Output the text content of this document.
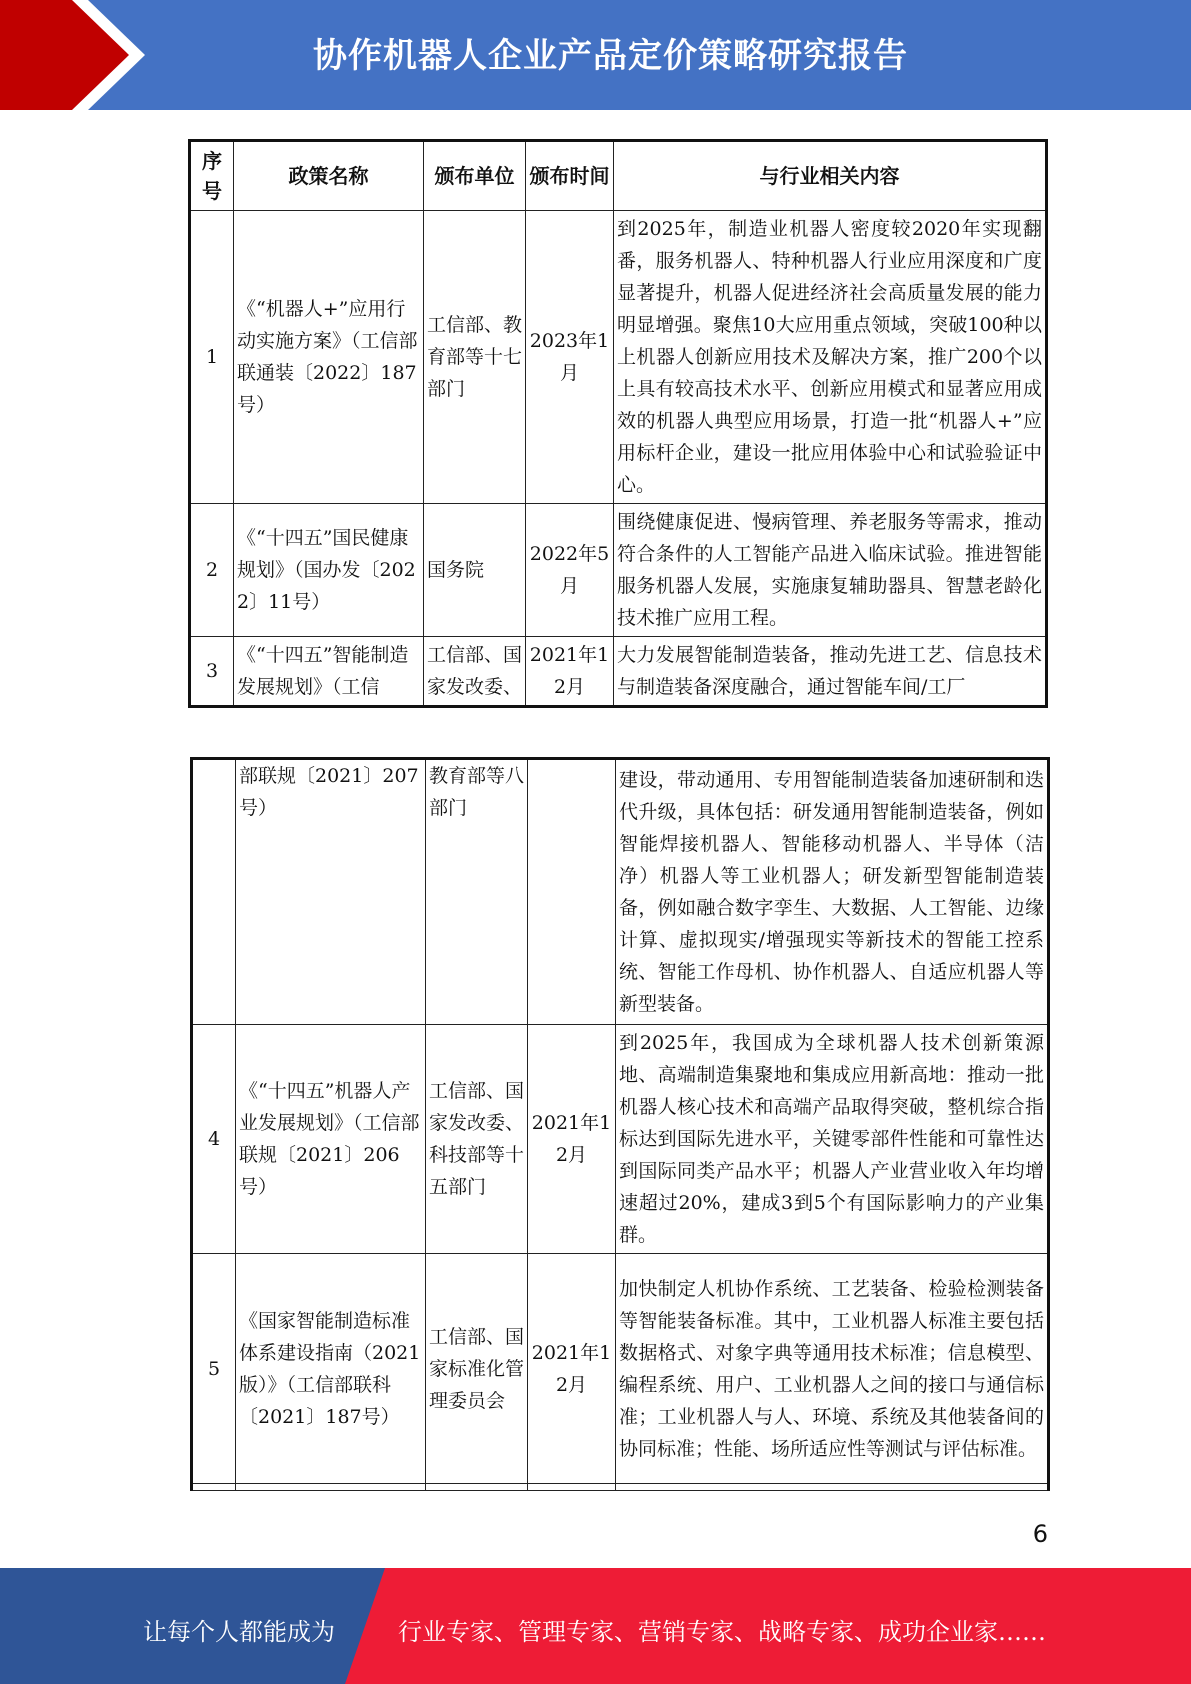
协作机器人企业产品定价策略研究报告
序号	政策名称	颁布单位	颁布时间	与行业相关内容
1	《“机器人+”应用行动实施方案》（工信部联通装〔2022〕187号）	工信部、教育部等十七部门	2023年1月	到2025年，制造业机器人密度较2020年实现翻番，服务机器人、特种机器人行业应用深度和广度显著提升，机器人促进经济社会高质量发展的能力明显增强。聚焦10大应用重点领域，突破100种以上机器人创新应用技术及解决方案，推广200个以上具有较高技术水平、创新应用模式和显著应用成效的机器人典型应用场景，打造一批“机器人+”应用标杆企业，建设一批应用体验中心和试验验证中心。
2	《“十四五”国民健康规划》（国办发〔2022〕11号）	国务院	2022年5月	围绕健康促进、慢病管理、养老服务等需求，推动符合条件的人工智能产品进入临床试验。推进智能服务机器人发展，实施康复辅助器具、智慧老龄化技术推广应用工程。
3	《“十四五”智能制造发展规划》（工信	工信部、国家发改委、	2021年12月	大力发展智能制造装备，推动先进工艺、信息技术与制造装备深度融合，通过智能车间/工厂
	部联规〔2021〕207号）	教育部等八部门		建设，带动通用、专用智能制造装备加速研制和迭代升级，具体包括：研发通用智能制造装备，例如智能焊接机器人、智能移动机器人、半导体（洁净）机器人等工业机器人；研发新型智能制造装备，例如融合数字孪生、大数据、人工智能、边缘计算、虚拟现实/增强现实等新技术的智能工控系统、智能工作母机、协作机器人、自适应机器人等新型装备。
4	《“十四五”机器人产业发展规划》（工信部联规〔2021〕206号）	工信部、国家发改委、科技部等十五部门	2021年12月	到2025年，我国成为全球机器人技术创新策源地、高端制造集聚地和集成应用新高地：推动一批机器人核心技术和高端产品取得突破，整机综合指标达到国际先进水平，关键零部件性能和可靠性达到国际同类产品水平；机器人产业营业收入年均增速超过20%，建成3到5个有国际影响力的产业集群。
5	《国家智能制造标准体系建设指南（2021版）》（工信部联科〔2021〕187号）	工信部、国家标准化管理委员会	2021年12月	加快制定人机协作系统、工艺装备、检验检测装备等智能装备标准。其中，工业机器人标准主要包括数据格式、对象字典等通用技术标准；信息模型、编程系统、用户、工业机器人之间的接口与通信标准；工业机器人与人、环境、系统及其他装备间的协同标准；性能、场所适应性等测试与评估标准。

6
让每个人都能成为	行业专家、管理专家、营销专家、战略专家、成功企业家……
